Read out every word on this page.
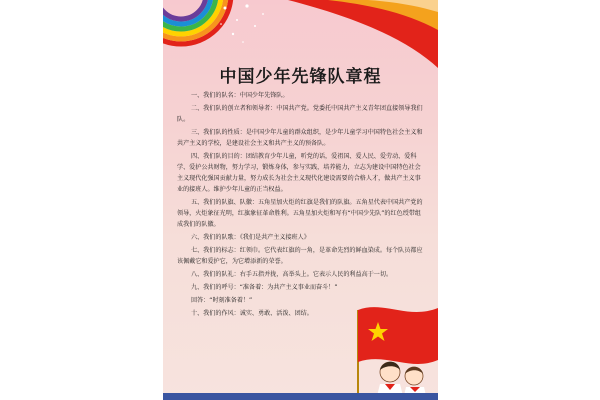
中国少年先锋队章程

一、我们的队名：中国少年先锋队。

二、我们队的创立者和领导者：中国共产党。党委托中国共产主义青年团直接领导我们队。

三、我们队的性质：是中国少年儿童的群众组织，是少年儿童学习中国特色社会主义和共产主义的学校，是建设社会主义和共产主义的预备队。

四、我们队的目的：团结教育少年儿童，听党的话，爱祖国、爱人民、爱劳动、爱科学、爱护公共财物，努力学习，锻炼身体，参与实践，培养能力，立志为建设中国特色社会主义现代化强国贡献力量，努力成长为社会主义现代化建设需要的合格人才，做共产主义事业的接班人。维护少年儿童的正当权益。

五、我们的队旗、队徽：五角星加火炬的红旗是我们的队旗。五角星代表中国共产党的领导，火炬象征光明，红旗象征革命胜利。五角星加火炬和写有“中国少先队”的红色绶带组成我们的队徽。

六、我们的队歌：《我们是共产主义接班人》

七、我们的标志：红领巾。它代表红旗的一角，是革命先烈的鲜血染成。每个队员都应该佩戴它和爱护它，为它增添新的荣誉。

八、我们的队礼：右手五指并拢，高举头上。它表示人民的利益高于一切。

九、我们的呼号：“准备着：为共产主义事业而奋斗！”

回答：“时刻准备着！”

十、我们的作风：诚实、勇敢、活泼、团结。
